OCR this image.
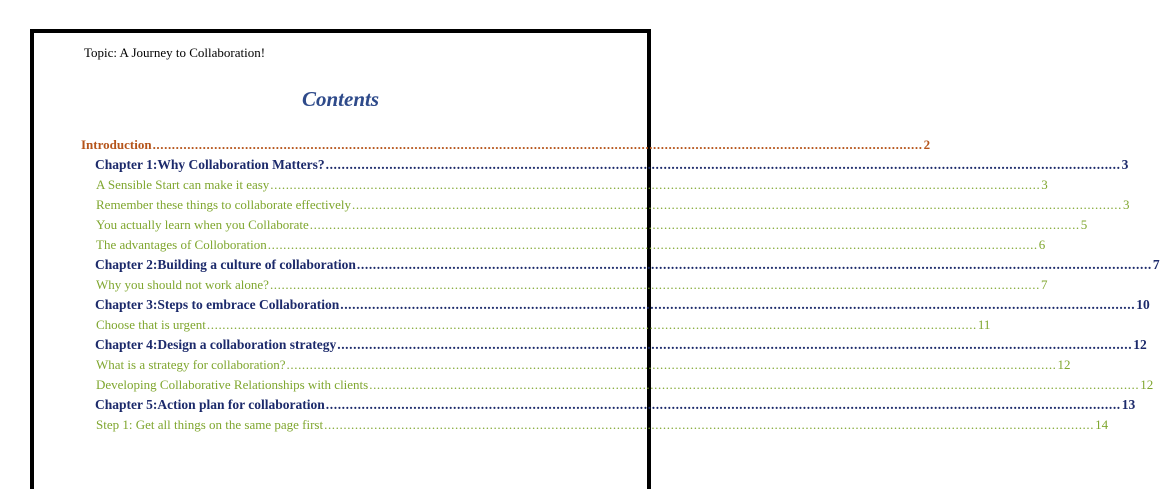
Topic: A Journey to Collaboration!
Contents
Introduction ........................................................................................................................................................................................................ 2
Chapter 1: Why Collaboration Matters? ........................................................................................................................................................................................................ 3
A Sensible Start can make it easy ........................................................................................................................................................................................................ 3
Remember these things to collaborate effectively ........................................................................................................................................................................................................ 3
You actually learn when you Collaborate ........................................................................................................................................................................................................ 5
The advantages of Colloboration ........................................................................................................................................................................................................ 6
Chapter 2: Building a culture of collaboration ........................................................................................................................................................................................................ 7
Why you should not work alone? ........................................................................................................................................................................................................ 7
Chapter 3: Steps to embrace Collaboration ........................................................................................................................................................................................................ 10
Choose that is urgent ........................................................................................................................................................................................................ 11
Chapter 4: Design a collaboration strategy ........................................................................................................................................................................................................ 12
What is a strategy for collaboration? ........................................................................................................................................................................................................ 12
Developing Collaborative Relationships with clients ........................................................................................................................................................................................................ 12
Chapter 5: Action plan for collaboration ........................................................................................................................................................................................................ 13
Step 1: Get all things on the same page first ........................................................................................................................................................................................................ 14
